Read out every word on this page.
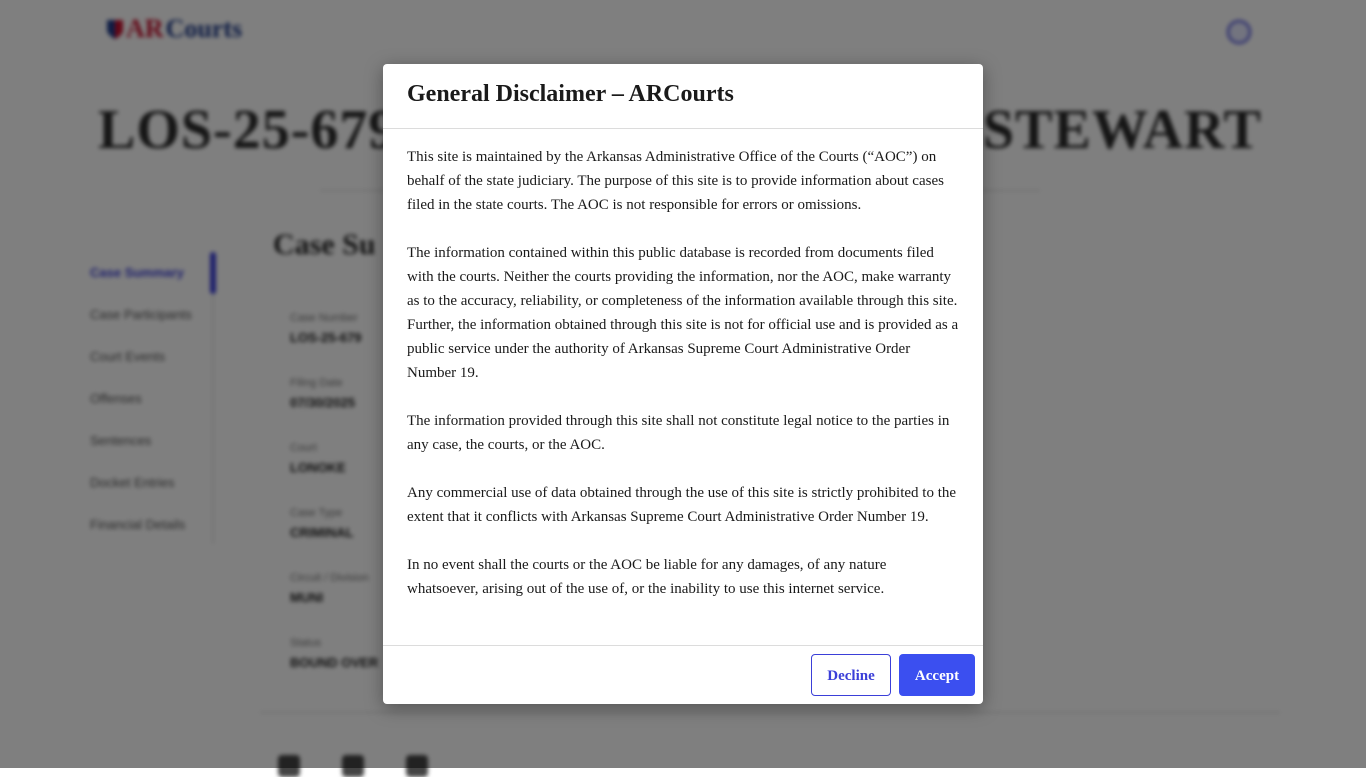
General Disclaimer – ARCourts

This site is maintained by the Arkansas Administrative Office of the Courts (“AOC”) on behalf of the state judiciary. The purpose of this site is to provide information about cases filed in the state courts. The AOC is not responsible for errors or omissions.

The information contained within this public database is recorded from documents filed with the courts. Neither the courts providing the information, nor the AOC, make warranty as to the accuracy, reliability, or completeness of the information available through this site. Further, the information obtained through this site is not for official use and is provided as a public service under the authority of Arkansas Supreme Court Administrative Order Number 19.

The information provided through this site shall not constitute legal notice to the parties in any case, the courts, or the AOC.

Any commercial use of data obtained through the use of this site is strictly prohibited to the extent that it conflicts with Arkansas Supreme Court Administrative Order Number 19.

In no event shall the courts or the AOC be liable for any damages, of any nature whatsoever, arising out of the use of, or the inability to use this internet service.

Decline	Accept
